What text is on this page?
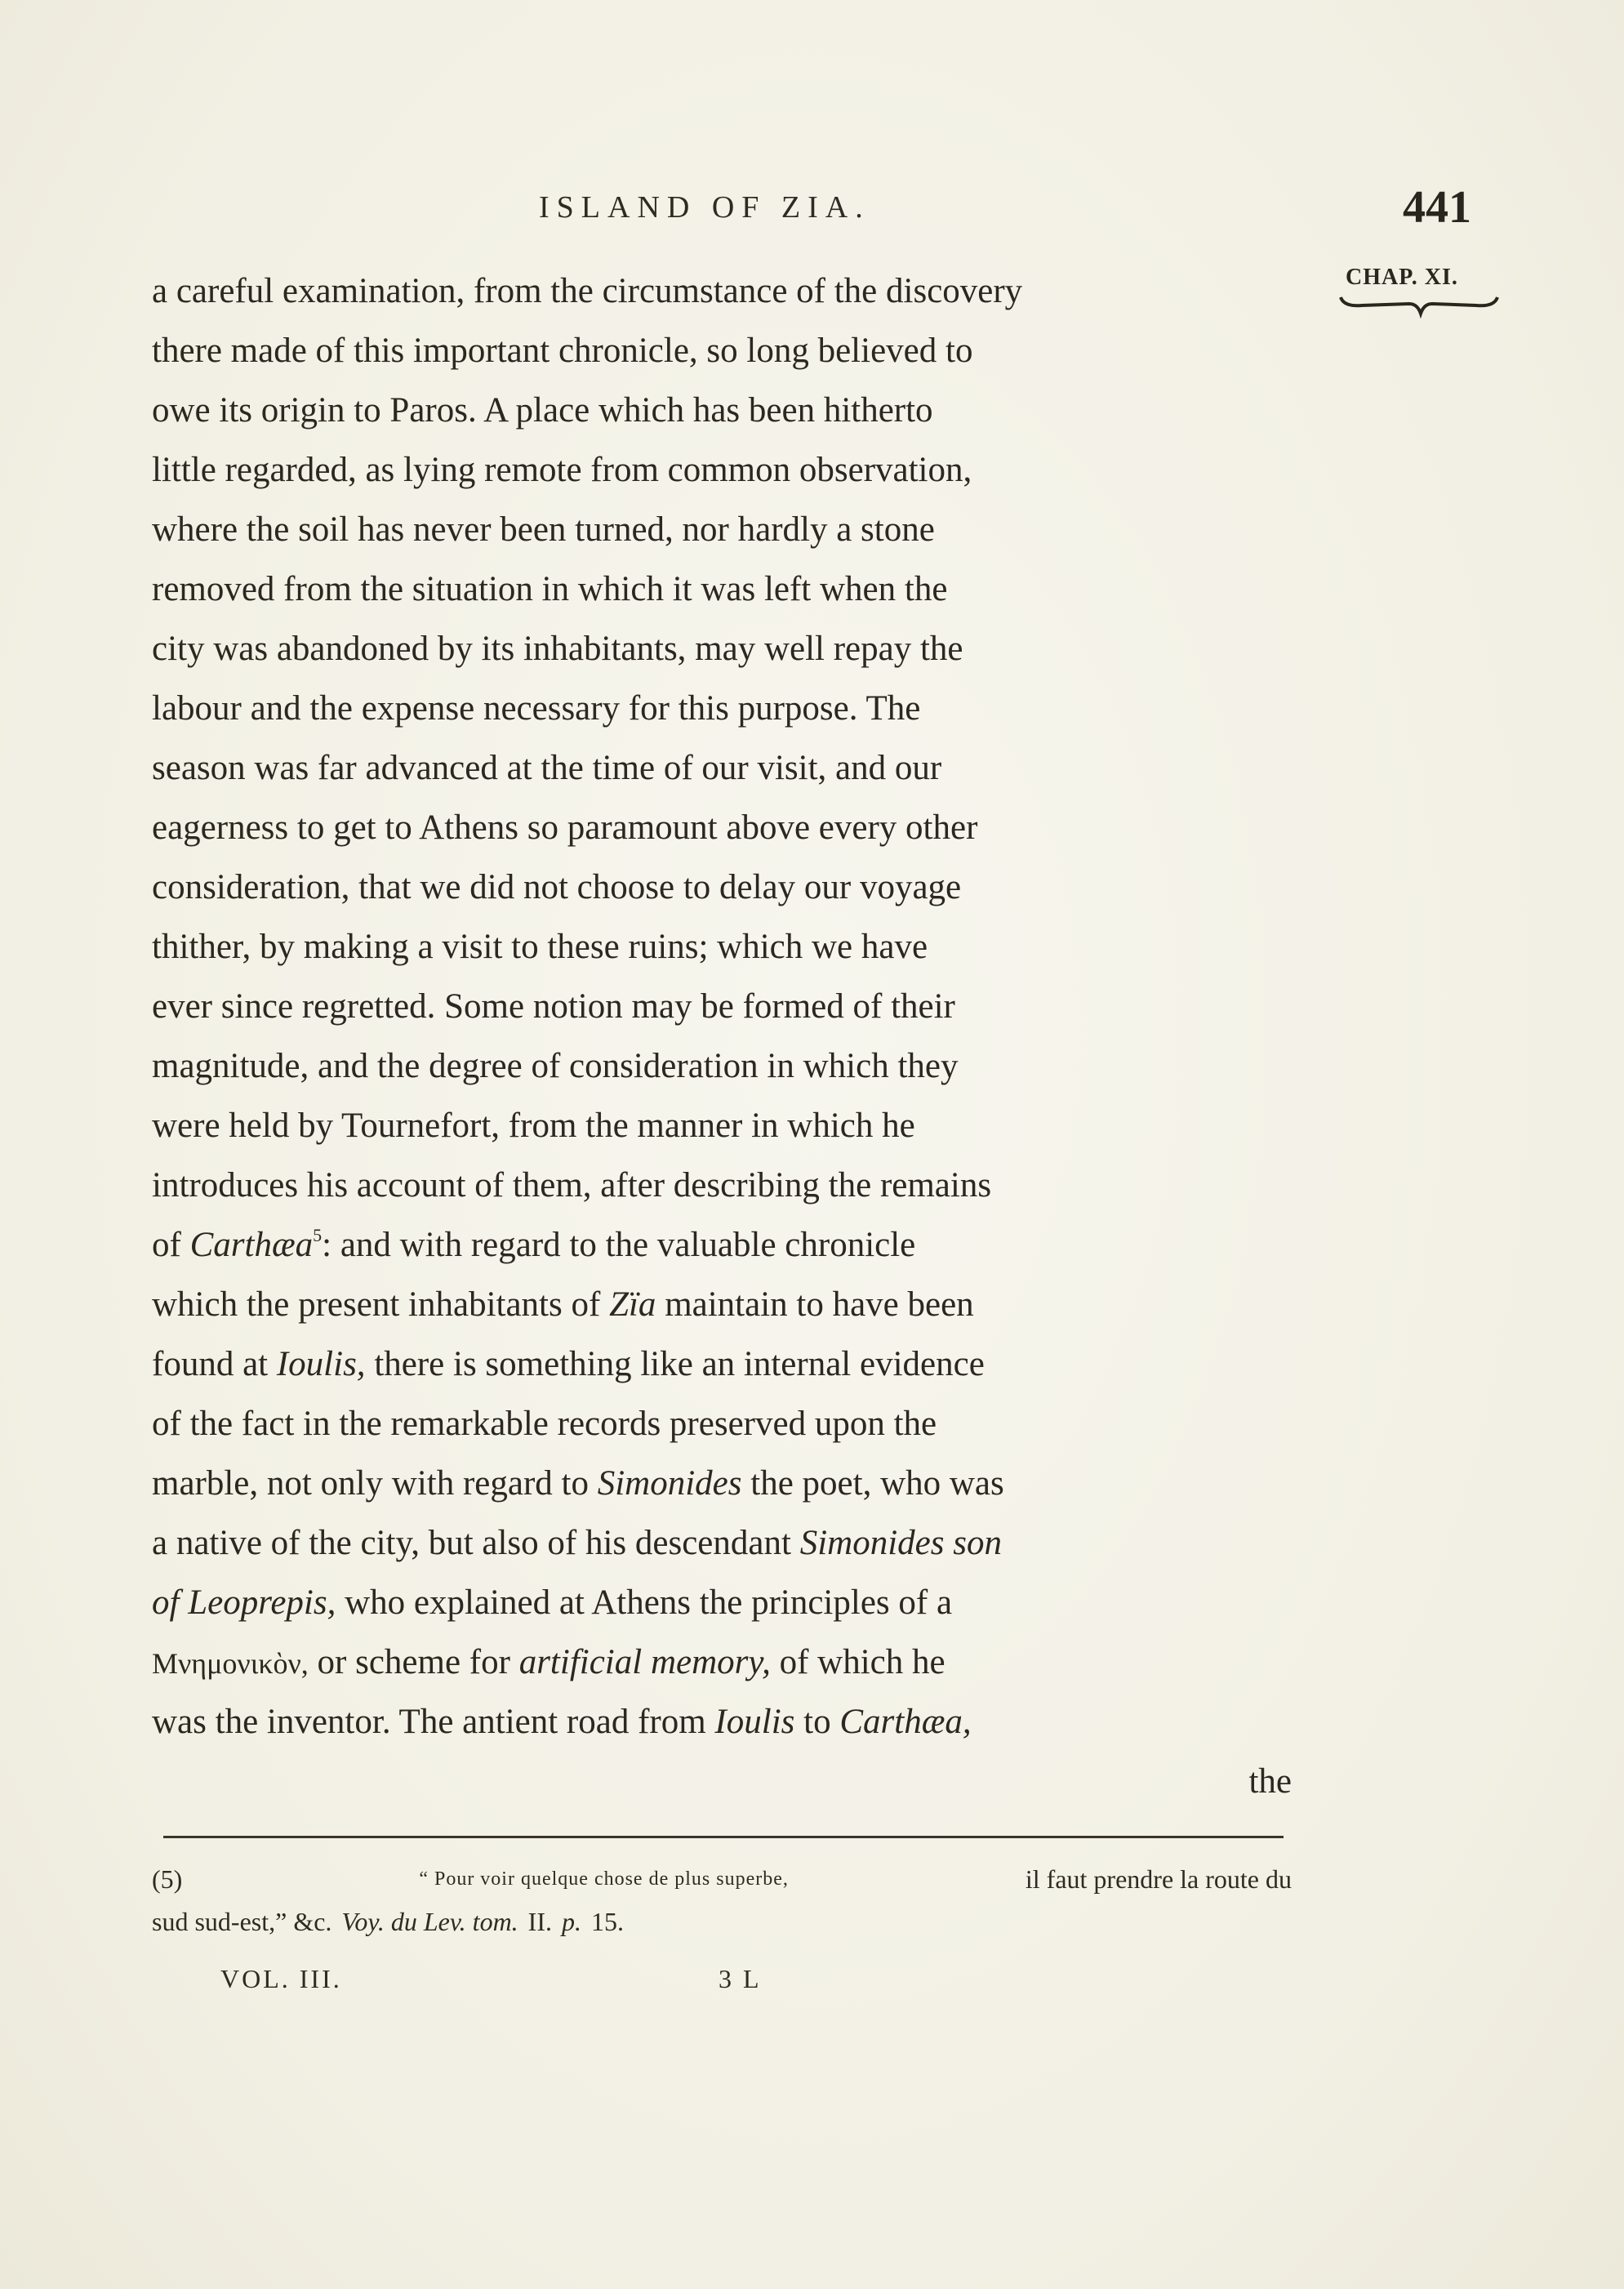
ISLAND OF ZIA.	441
CHAP. XI.
a careful examination, from the circumstance of the discovery
there made of this important chronicle, so long believed to
owe its origin to Paros. A place which has been hitherto
little regarded, as lying remote from common observation,
where the soil has never been turned, nor hardly a stone
removed from the situation in which it was left when the
city was abandoned by its inhabitants, may well repay the
labour and the expense necessary for this purpose. The
season was far advanced at the time of our visit, and our
eagerness to get to Athens so paramount above every other
consideration, that we did not choose to delay our voyage
thither, by making a visit to these ruins; which we have
ever since regretted. Some notion may be formed of their
magnitude, and the degree of consideration in which they
were held by Tournefort, from the manner in which he
introduces his account of them, after describing the remains
of Carthæa$^5$: and with regard to the valuable chronicle
which the present inhabitants of Zïa maintain to have been
found at Ioulis, there is something like an internal evidence
of the fact in the remarkable records preserved upon the
marble, not only with regard to Simonides the poet, who was
a native of the city, but also of his descendant Simonides son
of Leoprepis, who explained at Athens the principles of a
Μνημονικὸν, or scheme for artificial memory, of which he
was the inventor. The antient road from Ioulis to Carthæa,
the
(5)	“ Pour voir quelque chose de plus superbe,	il faut prendre la route du
sud sud-est,” &c. Voy. du Lev. tom. II. p. 15.
VOL. III.	3 L
